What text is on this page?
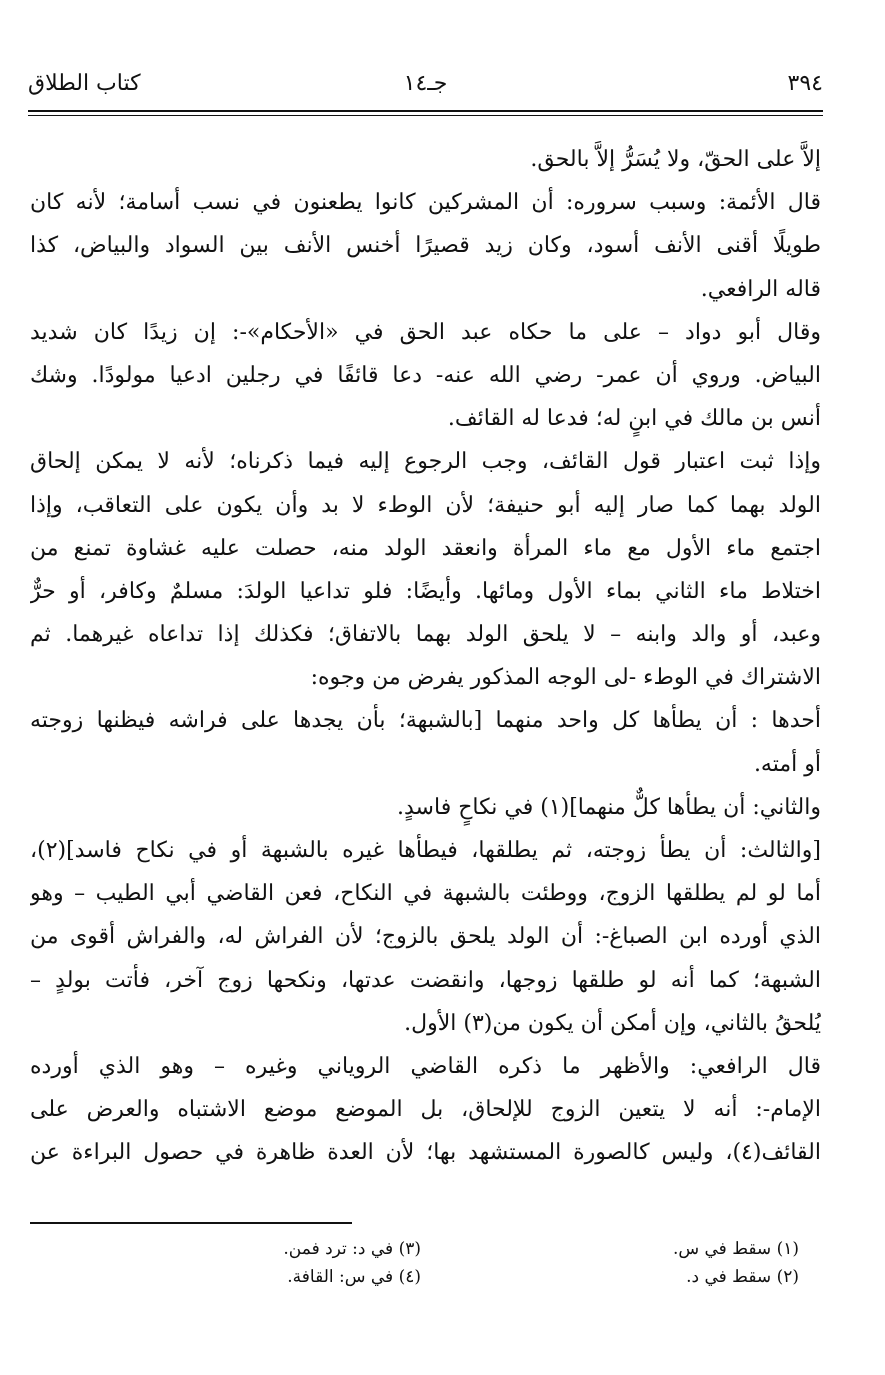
٣٩٤
جـ١٤
كتاب الطلاق
إلاَّ على الحقّ، ولا يُسَرُّ إلاَّ بالحق.
قال الأئمة: وسبب سروره: أن المشركين كانوا يطعنون في نسب أسامة؛ لأنه كان
طويلًا أقنى الأنف أسود، وكان زيد قصيرًا أخنس الأنف بين السواد والبياض، كذا
قاله الرافعي.
وقال أبو دواد – على ما حكاه عبد الحق في «الأحكام»-: إن زيدًا كان شديد
البياض. وروي أن عمر- رضي الله عنه- دعا قائفًا في رجلين ادعيا مولودًا. وشك
أنس بن مالك في ابنٍ له؛ فدعا له القائف.
وإذا ثبت اعتبار قول القائف، وجب الرجوع إليه فيما ذكرناه؛ لأنه لا يمكن إلحاق
الولد بهما كما صار إليه أبو حنيفة؛ لأن الوطء لا بد وأن يكون على التعاقب، وإذا
اجتمع ماء الأول مع ماء المرأة وانعقد الولد منه، حصلت عليه غشاوة تمنع من
اختلاط ماء الثاني بماء الأول ومائها. وأيضًا: فلو تداعيا الولدَ: مسلمٌ وكافر، أو حرٌّ
وعبد، أو والد وابنه – لا يلحق الولد بهما بالاتفاق؛ فكذلك إذا تداعاه غيرهما. ثم
الاشتراك في الوطء -لى الوجه المذكور يفرض من وجوه:
أحدها : أن يطأها كل واحد منهما [بالشبهة؛ بأن يجدها على فراشه فيظنها زوجته
أو أمته.
والثاني: أن يطأها كلٌّ منهما](١) في نكاحٍ فاسدٍ.
[والثالث: أن يطأ زوجته، ثم يطلقها، فيطأها غيره بالشبهة أو في نكاح فاسد](٢)،
أما لو لم يطلقها الزوج، ووطئت بالشبهة في النكاح، فعن القاضي أبي الطيب – وهو
الذي أورده ابن الصباغ-: أن الولد يلحق بالزوج؛ لأن الفراش له، والفراش أقوى من
الشبهة؛ كما أنه لو طلقها زوجها، وانقضت عدتها، ونكحها زوج آخر، فأتت بولدٍ –
يُلحقُ بالثاني، وإن أمكن أن يكون من(٣) الأول.
قال الرافعي: والأظهر ما ذكره القاضي الروياني وغيره – وهو الذي أورده
الإمام-: أنه لا يتعين الزوج للإلحاق، بل الموضع موضع الاشتباه والعرض على
القائف(٤)، وليس كالصورة المستشهد بها؛ لأن العدة ظاهرة في حصول البراءة عن
(١) سقط في س.
(٢) سقط في د.
(٣) في د: ترد فمن.
(٤) في س: القافة.
